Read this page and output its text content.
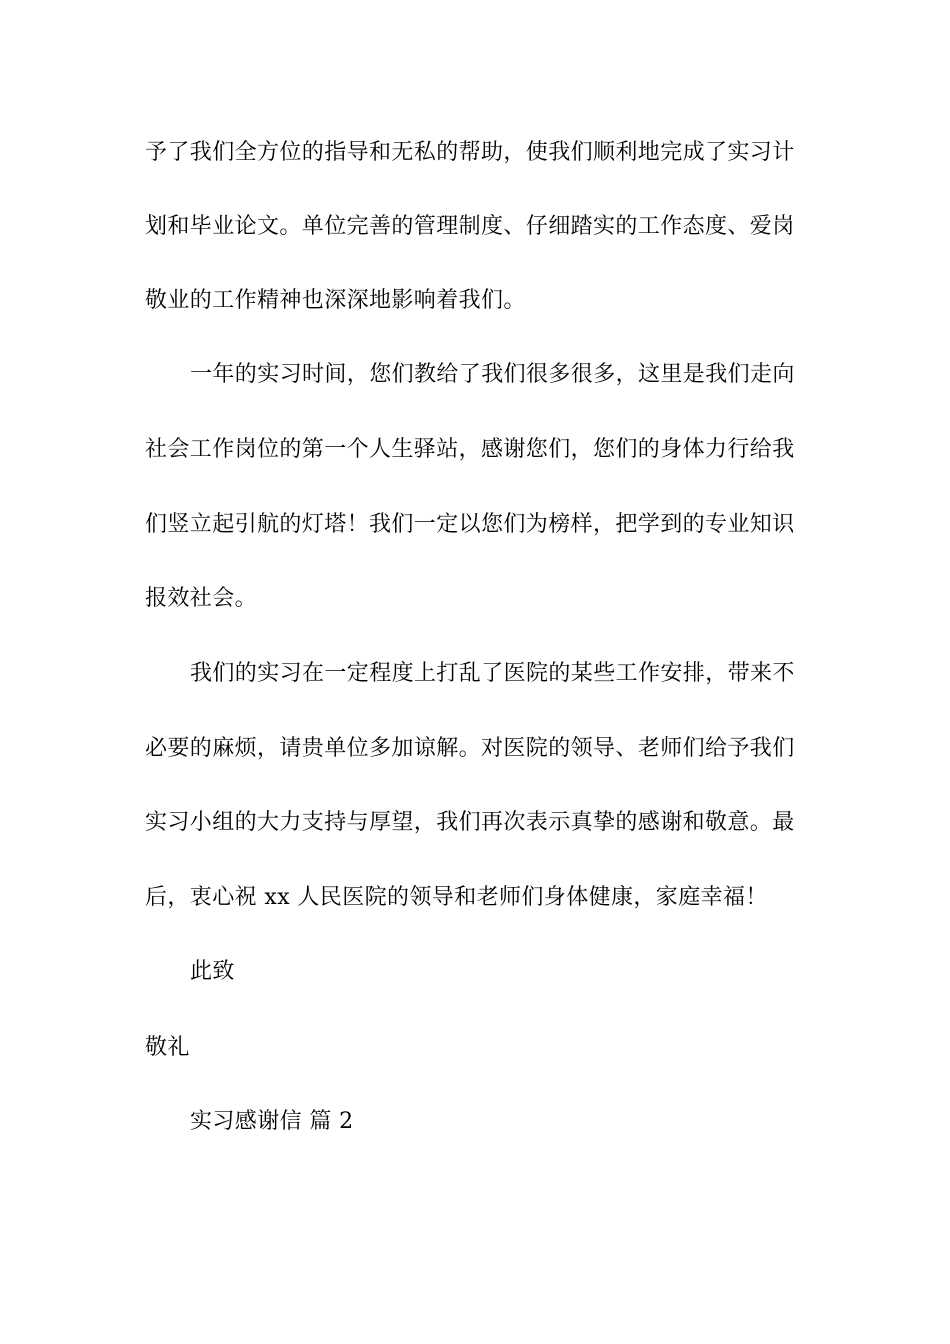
予了我们全方位的指导和无私的帮助，使我们顺利地完成了实习计
划和毕业论文。单位完善的管理制度、仔细踏实的工作态度、爱岗
敬业的工作精神也深深地影响着我们。
一年的实习时间，您们教给了我们很多很多，这里是我们走向
社会工作岗位的第一个人生驿站，感谢您们，您们的身体力行给我
们竖立起引航的灯塔！我们一定以您们为榜样，把学到的专业知识
报效社会。
我们的实习在一定程度上打乱了医院的某些工作安排，带来不
必要的麻烦，请贵单位多加谅解。对医院的领导、老师们给予我们
实习小组的大力支持与厚望，我们再次表示真挚的感谢和敬意。最
后，衷心祝 xx 人民医院的领导和老师们身体健康，家庭幸福！
此致
敬礼
实习感谢信 篇 2
